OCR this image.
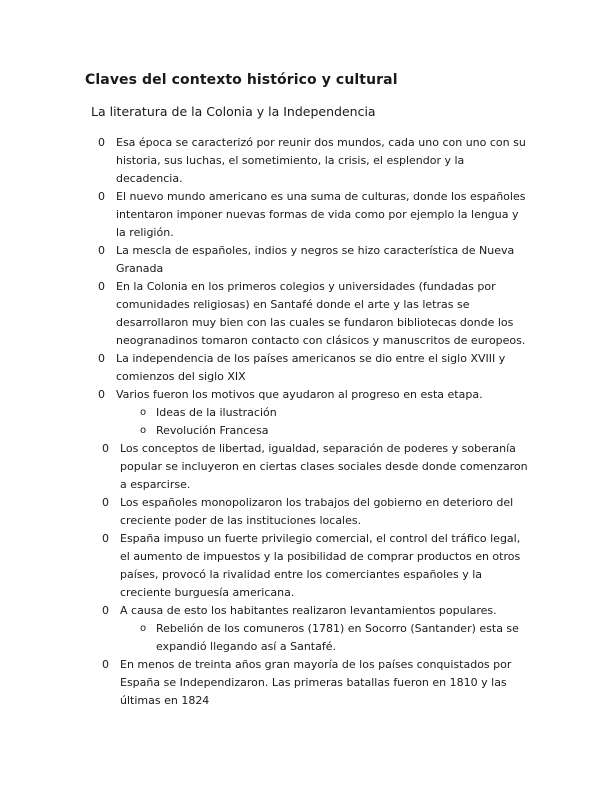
Claves del contexto histórico y cultural
La literatura de la Colonia y la Independencia
0	Esa época se caracterizó por reunir dos mundos, cada uno con uno con su historia, sus luchas, el sometimiento, la crisis, el esplendor y la decadencia.
0	El nuevo mundo americano es una suma de culturas, donde los españoles intentaron imponer nuevas formas de vida como por ejemplo la lengua y la religión.
0	La mescla de españoles, indios y negros se hizo característica de Nueva Granada
0	En la Colonia en los primeros colegios y universidades (fundadas por comunidades religiosas) en Santafé donde el arte y las letras se desarrollaron muy bien con las cuales se fundaron bibliotecas donde los neogranadinos tomaron contacto con clásicos y manuscritos de europeos.
0	La independencia de los países americanos se dio entre el siglo XVIII y comienzos del siglo XIX
0	Varios fueron los motivos que ayudaron al progreso en esta etapa.
o Ideas de la ilustración
o Revolución Francesa
0	Los conceptos de libertad, igualdad, separación de poderes y soberanía popular se incluyeron en ciertas clases sociales desde donde comenzaron a esparcirse.
0	Los españoles monopolizaron los trabajos del gobierno en deterioro del creciente poder de las instituciones locales.
0	España impuso un fuerte privilegio comercial, el control del tráfico legal, el aumento de impuestos y la posibilidad de comprar productos en otros países, provocó la rivalidad entre los comerciantes españoles y la creciente burguesía americana.
0	A causa de esto los habitantes realizaron levantamientos populares.
o Rebelión de los comuneros (1781) en Socorro (Santander) esta se expandió llegando así a Santafé.
0	En menos de treinta años gran mayoría de los países conquistados por España se Independizaron. Las primeras batallas fueron en 1810 y las últimas en 1824
